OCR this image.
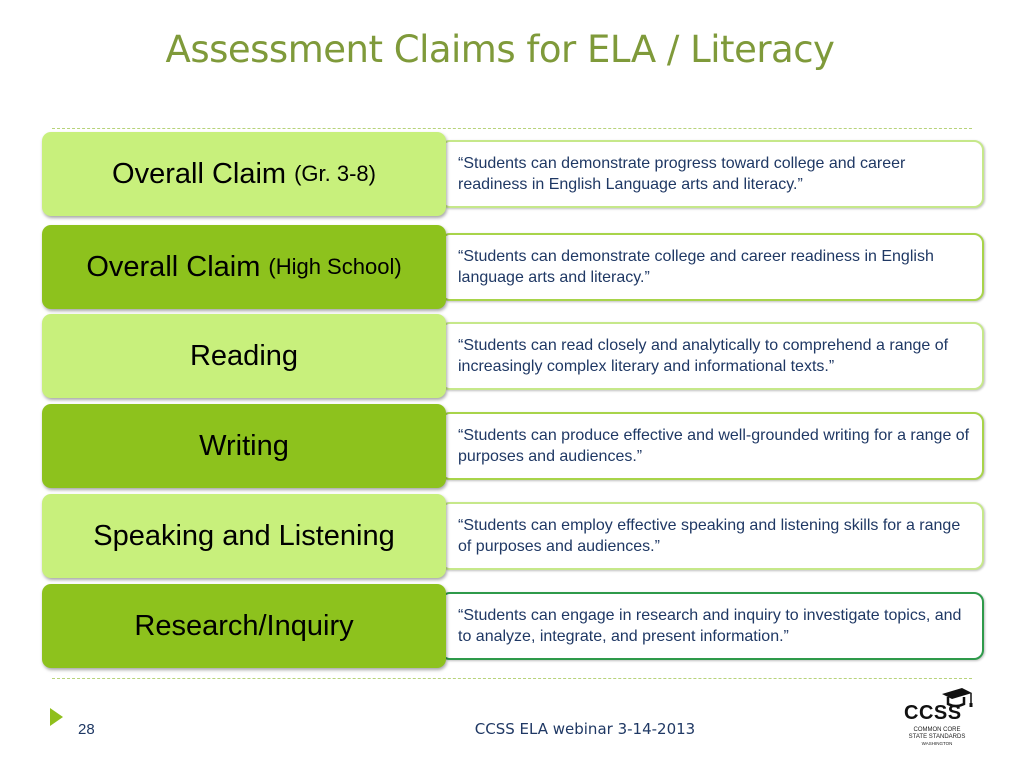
Assessment Claims for ELA / Literacy
“Students can demonstrate progress toward college and career readiness in English Language arts and literacy.”
Overall Claim (Gr. 3-8)
“Students can demonstrate college and career readiness in English language arts and literacy.”
Overall Claim (High School)
“Students can read closely and analytically to comprehend a range of increasingly complex literary and informational texts.”
Reading
“Students can produce effective and well-grounded writing for a range of purposes and audiences.”
Writing
“Students can employ effective speaking and listening skills for a range of purposes and audiences.”
Speaking and Listening
“Students can engage in research and inquiry to investigate topics, and to analyze, integrate, and present information.”
Research/Inquiry
28	CCSS ELA webinar 3-14-2013
CCSS
COMMON CORE
STATE STANDARDS
WASHINGTON
